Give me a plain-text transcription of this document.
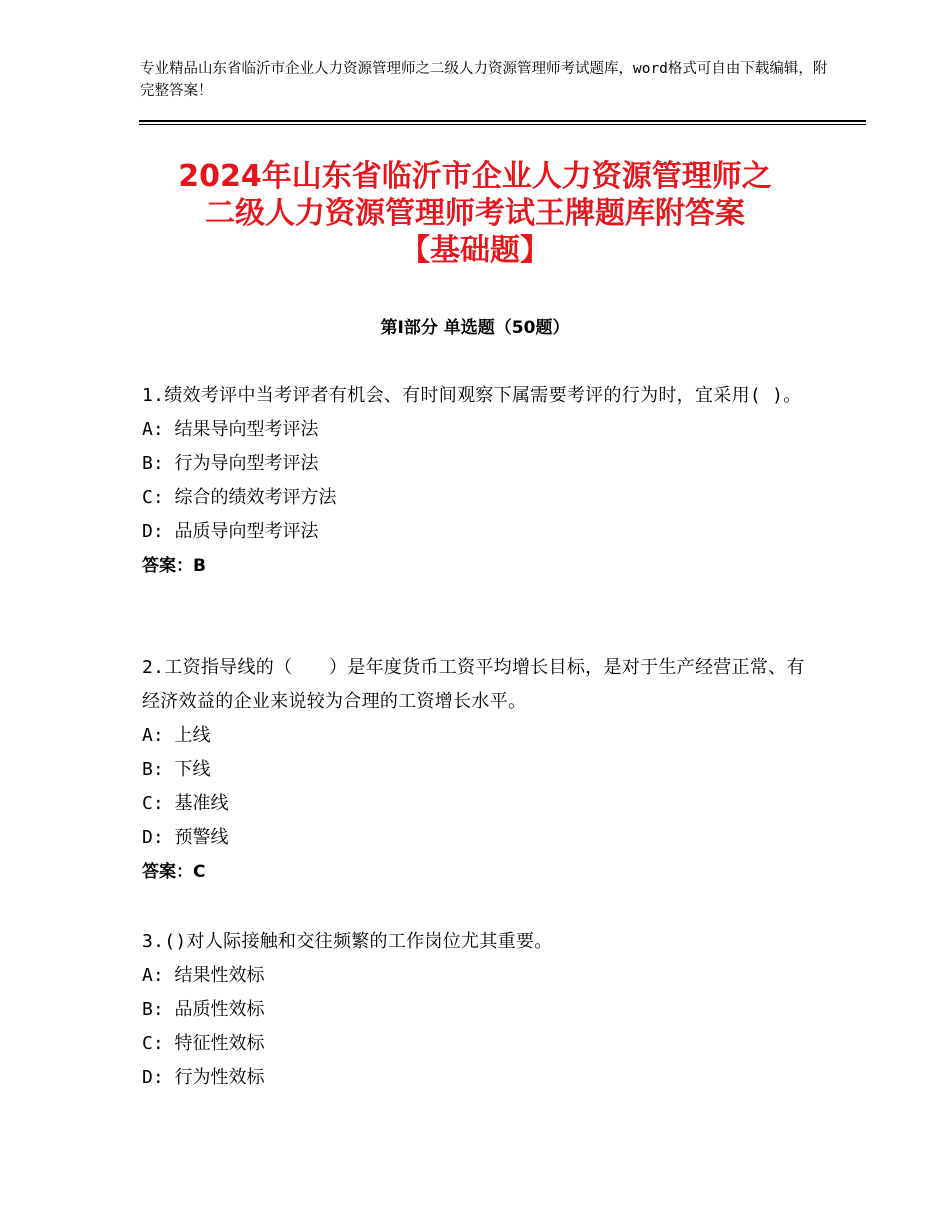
专业精品山东省临沂市企业人力资源管理师之二级人力资源管理师考试题库，word格式可自由下载编辑，附完整答案！
2024年山东省临沂市企业人力资源管理师之
二级人力资源管理师考试王牌题库附答案
【基础题】
第Ⅰ部分 单选题（50题）
1.绩效考评中当考评者有机会、有时间观察下属需要考评的行为时，宜采用( )。
A: 结果导向型考评法
B: 行为导向型考评法
C: 综合的绩效考评方法
D: 品质导向型考评法
答案：B
2.工资指导线的（　　）是年度货币工资平均增长目标，是对于生产经营正常、有经济效益的企业来说较为合理的工资增长水平。
A: 上线
B: 下线
C: 基准线
D: 预警线
答案：C
3.()对人际接触和交往频繁的工作岗位尤其重要。
A: 结果性效标
B: 品质性效标
C: 特征性效标
D: 行为性效标
